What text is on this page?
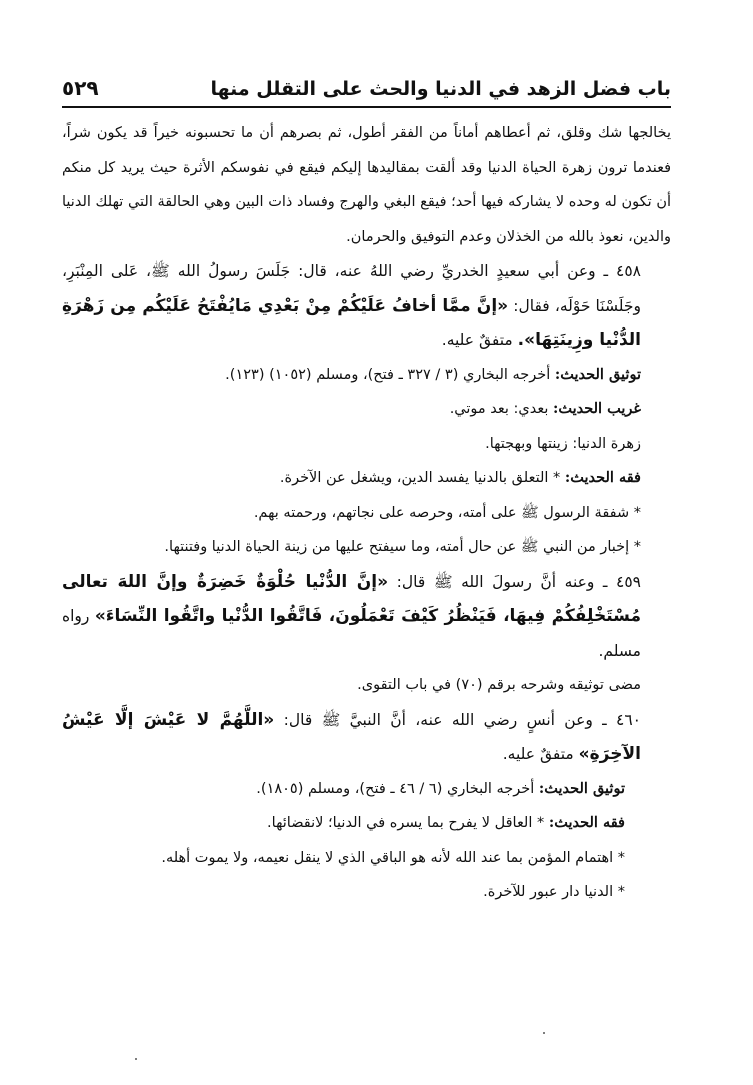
باب فضل الزهد في الدنيا والحث على التقلل منها
٥٢٩

يخالجها شك وقلق، ثم أعطاهم أماناً من الفقر أطول، ثم بصرهم أن ما تحسبونه خيراً قد يكون شراً، فعندما ترون زهرة الحياة الدنيا وقد ألقت بمقاليدها إليكم فيقع في نفوسكم الأثرة حيث يريد كل منكم أن تكون له وحده لا يشاركه فيها أحد؛ فيقع البغي والهرج وفساد ذات البين وهي الحالقة التي تهلك الدنيا والدين، نعوذ بالله من الخذلان وعدم التوفيق والحرمان.

٤٥٨ ـ وعن أبي سعيدٍ الخدريِّ رضي اللهُ عنه، قال: جَلَسَ رسولُ الله ﷺ، عَلى المِنْبَرِ، وجَلَسْنَا حَوْلَه، فقال: «إنَّ ممَّا أخافُ عَلَيْكُمْ مِنْ بَعْدِي مَايُفْتَحُ عَلَيْكُم مِن زَهْرَةِ الدُّنْيا وزِينَتِهَا». متفقٌ عليه.

توثيق الحديث: أخرجه البخاري (٣ / ٣٢٧ ـ فتح)، ومسلم (١٠٥٢) (١٢٣).

غريب الحديث: بعدي: بعد موتي.

زهرة الدنيا: زينتها وبهجتها.

فقه الحديث: * التعلق بالدنيا يفسد الدين، ويشغل عن الآخرة.

* شفقة الرسول ﷺ على أمته، وحرصه على نجاتهم، ورحمته بهم.

* إخبار من النبي ﷺ عن حال أمته، وما سيفتح عليها من زينة الحياة الدنيا وفتنتها.

٤٥٩ ـ وعنه أنَّ رسولَ الله ﷺ قال: «إنَّ الدُّنْيا حُلْوَةٌ خَضِرَةٌ وإنَّ اللهَ تعالى مُسْتَخْلِفُكُمْ فِيهَا، فَيَنْظُرُ كَيْفَ تَعْمَلُونَ، فَاتَّقُوا الدُّنْيا واتَّقُوا النِّسَاءَ» رواه مسلم.

مضى توثيقه وشرحه برقم (٧٠) في باب التقوى.

٤٦٠ ـ وعن أنسٍ رضي الله عنه، أنَّ النبيَّ ﷺ قال: «اللَّهُمَّ لا عَيْشَ إلَّا عَيْشُ الآخِرَةِ» متفقٌ عليه.

توثيق الحديث: أخرجه البخاري (٦ / ٤٦ ـ فتح)، ومسلم (١٨٠٥).

فقه الحديث: * العاقل لا يفرح بما يسره في الدنيا؛ لانقضائها.

* اهتمام المؤمن بما عند الله لأنه هو الباقي الذي لا ينقل نعيمه، ولا يموت أهله.

* الدنيا دار عبور للآخرة.
